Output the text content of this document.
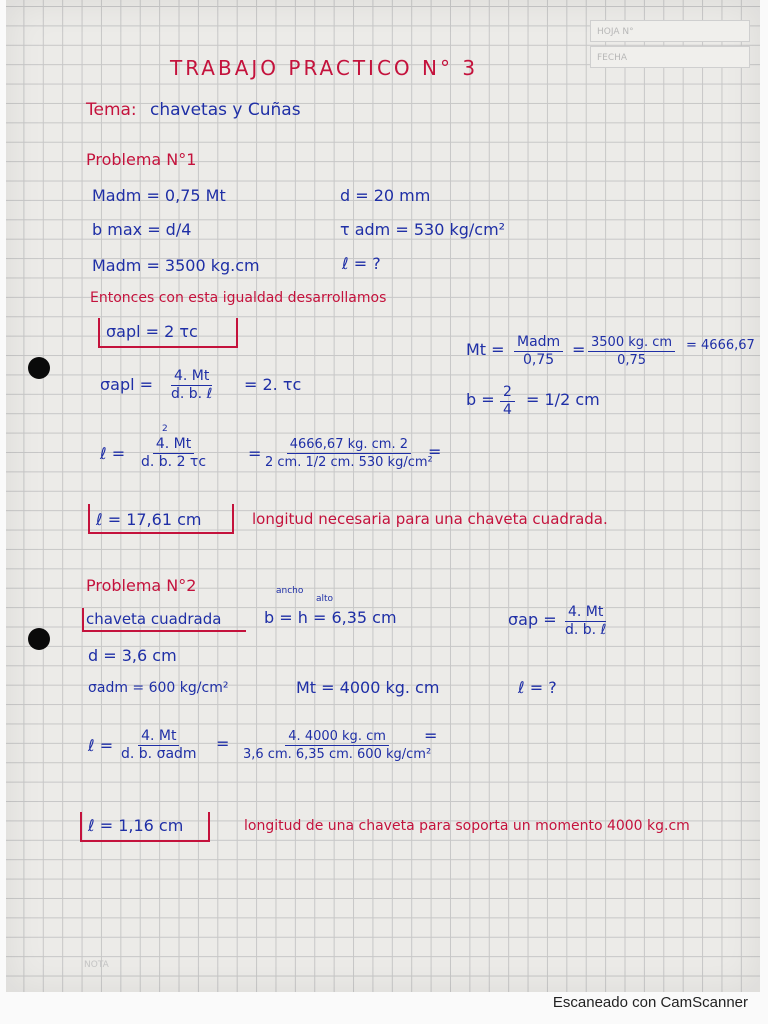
HOJA N°
FECHA
NOTA
TRABAJO PRACTICO N° 3
Tema: chavetas y Cuñas
Problema N°1
Madm = 0,75 Mt	d = 20 mm
b max = d/4	τ adm = 530 kg/cm²
Madm = 3500 kg.cm	ℓ = ?
Entonces con esta igualdad desarrollamos
σapl = 2 τc
σapl = 4. Mt
d. b. ℓ = 2. τc
Mt = Madm
0,75
= $\frac{3500 kg. cm}{0,75} = 4666,67$
$b = \frac{2}{4} = 1/2$ cm
ℓ =
2
$\frac{4. Mt}{d. b. 2 \tau c} = \frac{4666,67 kg. cm. 2}{\text{2 cm. 1/2 cm. 530 kg/cm²}}$
=
ℓ = 17,61 cm	longitud necesaria para una chaveta cuadrada.
Problema N°2	ancho
alto
chaveta cuadrada	b = h = 6,35 cm	σap = 4. Mt
d. b. ℓ
d = 3,6 cm
σadm = 600 kg/cm²	Mt = 4000 kg. cm	ℓ = ?
ℓ = 4. Mt
d. b. σadm
= $\frac{4. 4000 kg. cm}{\text{3,6 cm. 6,35 cm. 600 kg/cm²}}$
=
ℓ = 1,16 cm	longitud de una chaveta para soporta un momento 4000 kg.cm
Escaneado con CamScanner
